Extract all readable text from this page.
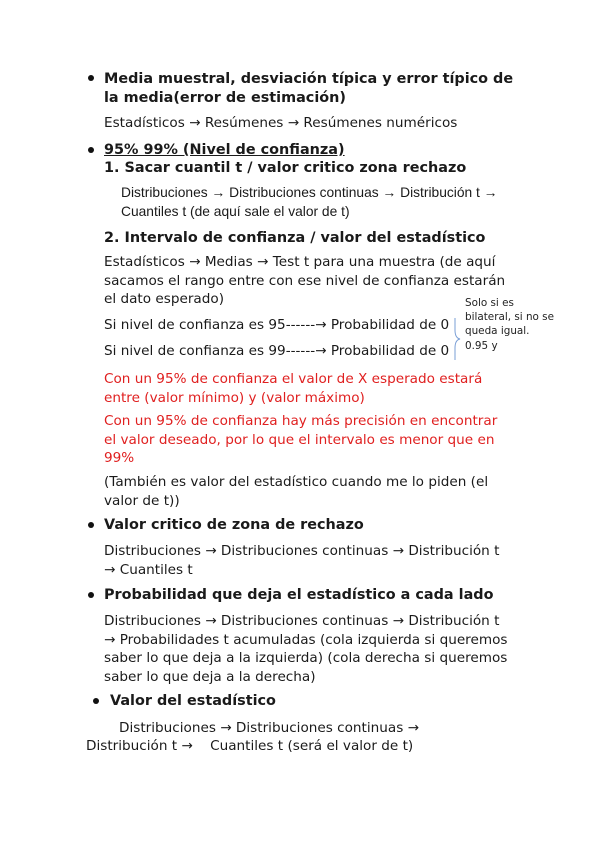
Media muestral, desviación típica y error típico de la media(error de estimación)
Estadísticos → Resúmenes → Resúmenes numéricos
95% 99% (Nivel de confianza)
1. Sacar cuantil t / valor critico zona rechazo
Distribuciones → Distribuciones continuas → Distribución t → Cuantiles t (de aquí sale el valor de t)
2. Intervalo de confianza / valor del estadístico
Estadísticos → Medias → Test t para una muestra (de aquí sacamos el rango entre con ese nivel de confianza estarán el dato esperado)
Si nivel de confianza es 95------→ Probabilidad de 0
Si nivel de confianza es 99------→ Probabilidad de 0
Solo si es bilateral, si no se queda igual. 0.95 y
Con un 95% de confianza el valor de X esperado estará entre (valor mínimo) y (valor máximo)
Con un 95% de confianza hay más precisión en encontrar el valor deseado, por lo que el intervalo es menor que en 99%
(También es valor del estadístico cuando me lo piden (el valor de t))
Valor critico de zona de rechazo
Distribuciones → Distribuciones continuas → Distribución t → Cuantiles t
Probabilidad que deja el estadístico a cada lado
Distribuciones → Distribuciones continuas → Distribución t → Probabilidades t acumuladas (cola izquierda si queremos saber lo que deja a la izquierda) (cola derecha si queremos saber lo que deja a la derecha)
Valor del estadístico
Distribuciones → Distribuciones continuas →
Distribución t →    Cuantiles t (será el valor de t)
